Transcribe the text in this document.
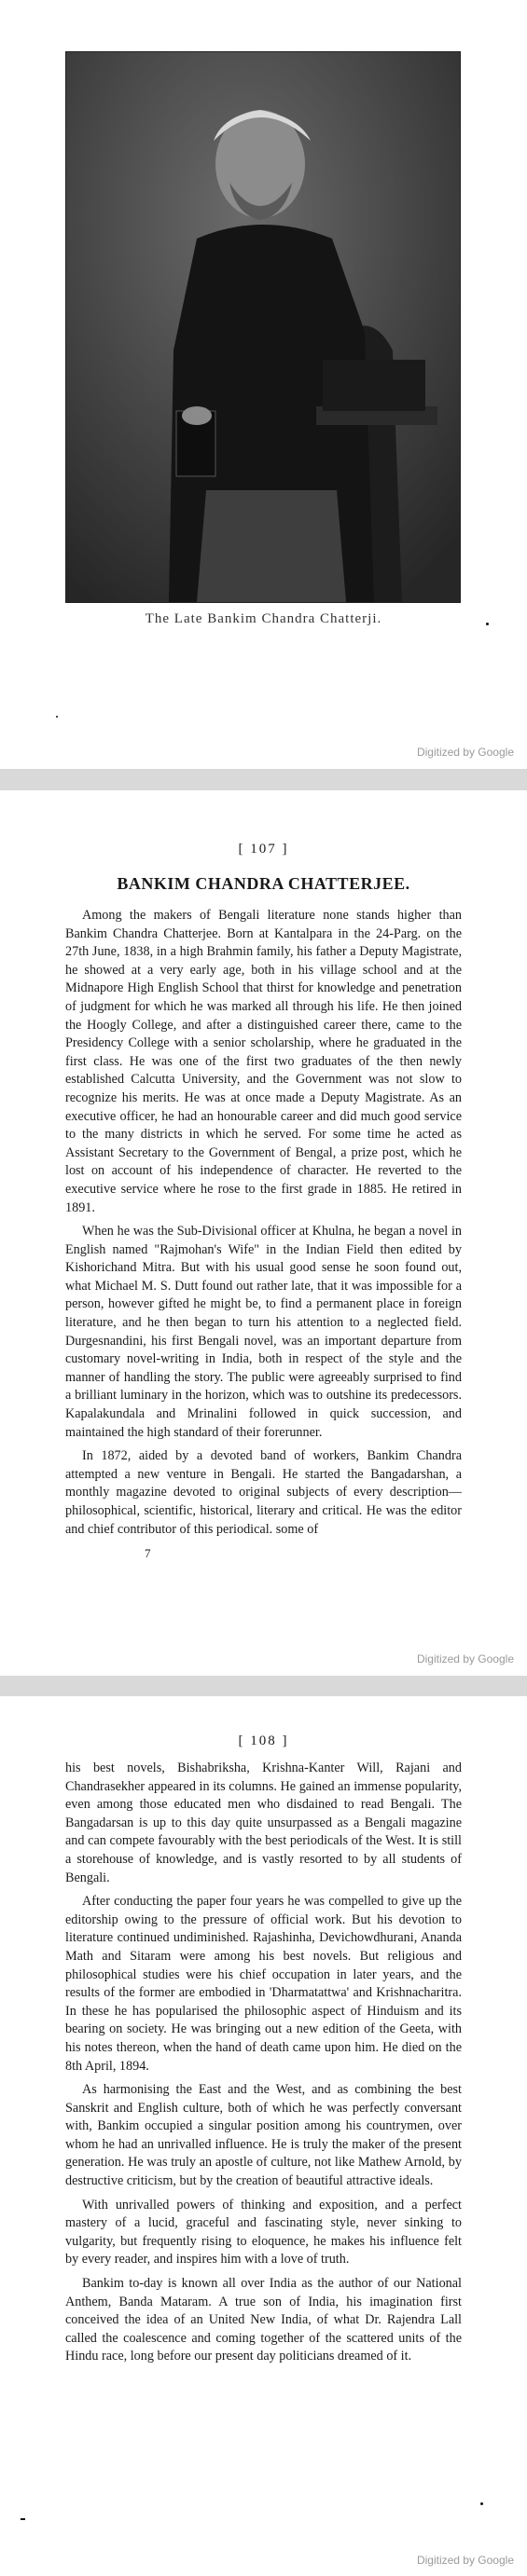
The Late Bankim Chandra Chatterji.
Digitized by Google
[ 107 ]
BANKIM CHANDRA CHATTERJEE.

Among the makers of Bengali literature none stands higher than Bankim Chandra Chatterjee. Born at Kantalpara in the 24-Parg. on the 27th June, 1838, in a high Brahmin family, his father a Deputy Magistrate, he showed at a very early age, both in his village school and at the Midnapore High English School that thirst for knowledge and penetration of judgment for which he was marked all through his life. He then joined the Hoogly College, and after a distinguished career there, came to the Presidency College with a senior scholarship, where he graduated in the first class. He was one of the first two graduates of the then newly established Calcutta University, and the Government was not slow to recognize his merits. He was at once made a Deputy Magistrate. As an executive officer, he had an honourable career and did much good service to the many districts in which he served. For some time he acted as Assistant Secretary to the Government of Bengal, a prize post, which he lost on account of his independence of character. He reverted to the executive service where he rose to the first grade in 1885. He retired in 1891.

When he was the Sub-Divisional officer at Khulna, he began a novel in English named "Rajmohan's Wife" in the Indian Field then edited by Kishorichand Mitra. But with his usual good sense he soon found out, what Michael M. S. Dutt found out rather late, that it was impossible for a person, however gifted he might be, to find a permanent place in foreign literature, and he then began to turn his attention to a neglected field. Durgesnandini, his first Bengali novel, was an important departure from customary novel-writing in India, both in respect of the style and the manner of handling the story. The public were agreeably surprised to find a brilliant luminary in the horizon, which was to outshine its predecessors. Kapalakundala and Mrinalini followed in quick succession, and maintained the high standard of their forerunner.

In 1872, aided by a devoted band of workers, Bankim Chandra attempted a new venture in Bengali. He started the Bangadarshan, a monthly magazine devoted to original subjects of every description—philosophical, scientific, historical, literary and critical. He was the editor and chief contributor of this periodical. some of

7
Digitized by Google
[ 108 ]

his best novels, Bishabriksha, Krishna-Kanter Will, Rajani and Chandrasekher appeared in its columns. He gained an immense popularity, even among those educated men who disdained to read Bengali. The Bangadarsan is up to this day quite unsurpassed as a Bengali magazine and can compete favourably with the best periodicals of the West. It is still a storehouse of knowledge, and is vastly resorted to by all students of Bengali.

After conducting the paper four years he was compelled to give up the editorship owing to the pressure of official work. But his devotion to literature continued undiminished. Rajashinha, Devichowdhurani, Ananda Math and Sitaram were among his best novels. But religious and philosophical studies were his chief occupation in later years, and the results of the former are embodied in 'Dharmatattwa' and Krishnacharitra. In these he has popularised the philosophic aspect of Hinduism and its bearing on society. He was bringing out a new edition of the Geeta, with his notes thereon, when the hand of death came upon him. He died on the 8th April, 1894.

As harmonising the East and the West, and as combining the best Sanskrit and English culture, both of which he was perfectly conversant with, Bankim occupied a singular position among his countrymen, over whom he had an unrivalled influence. He is truly the maker of the present generation. He was truly an apostle of culture, not like Mathew Arnold, by destructive criticism, but by the creation of beautiful attractive ideals.

With unrivalled powers of thinking and exposition, and a perfect mastery of a lucid, graceful and fascinating style, never sinking to vulgarity, but frequently rising to eloquence, he makes his influence felt by every reader, and inspires him with a love of truth.

Bankim to-day is known all over India as the author of our National Anthem, Banda Mataram. A true son of India, his imagination first conceived the idea of an United New India, of what Dr. Rajendra Lall called the coalescence and coming together of the scattered units of the Hindu race, long before our present day politicians dreamed of it.

Digitized by Google
